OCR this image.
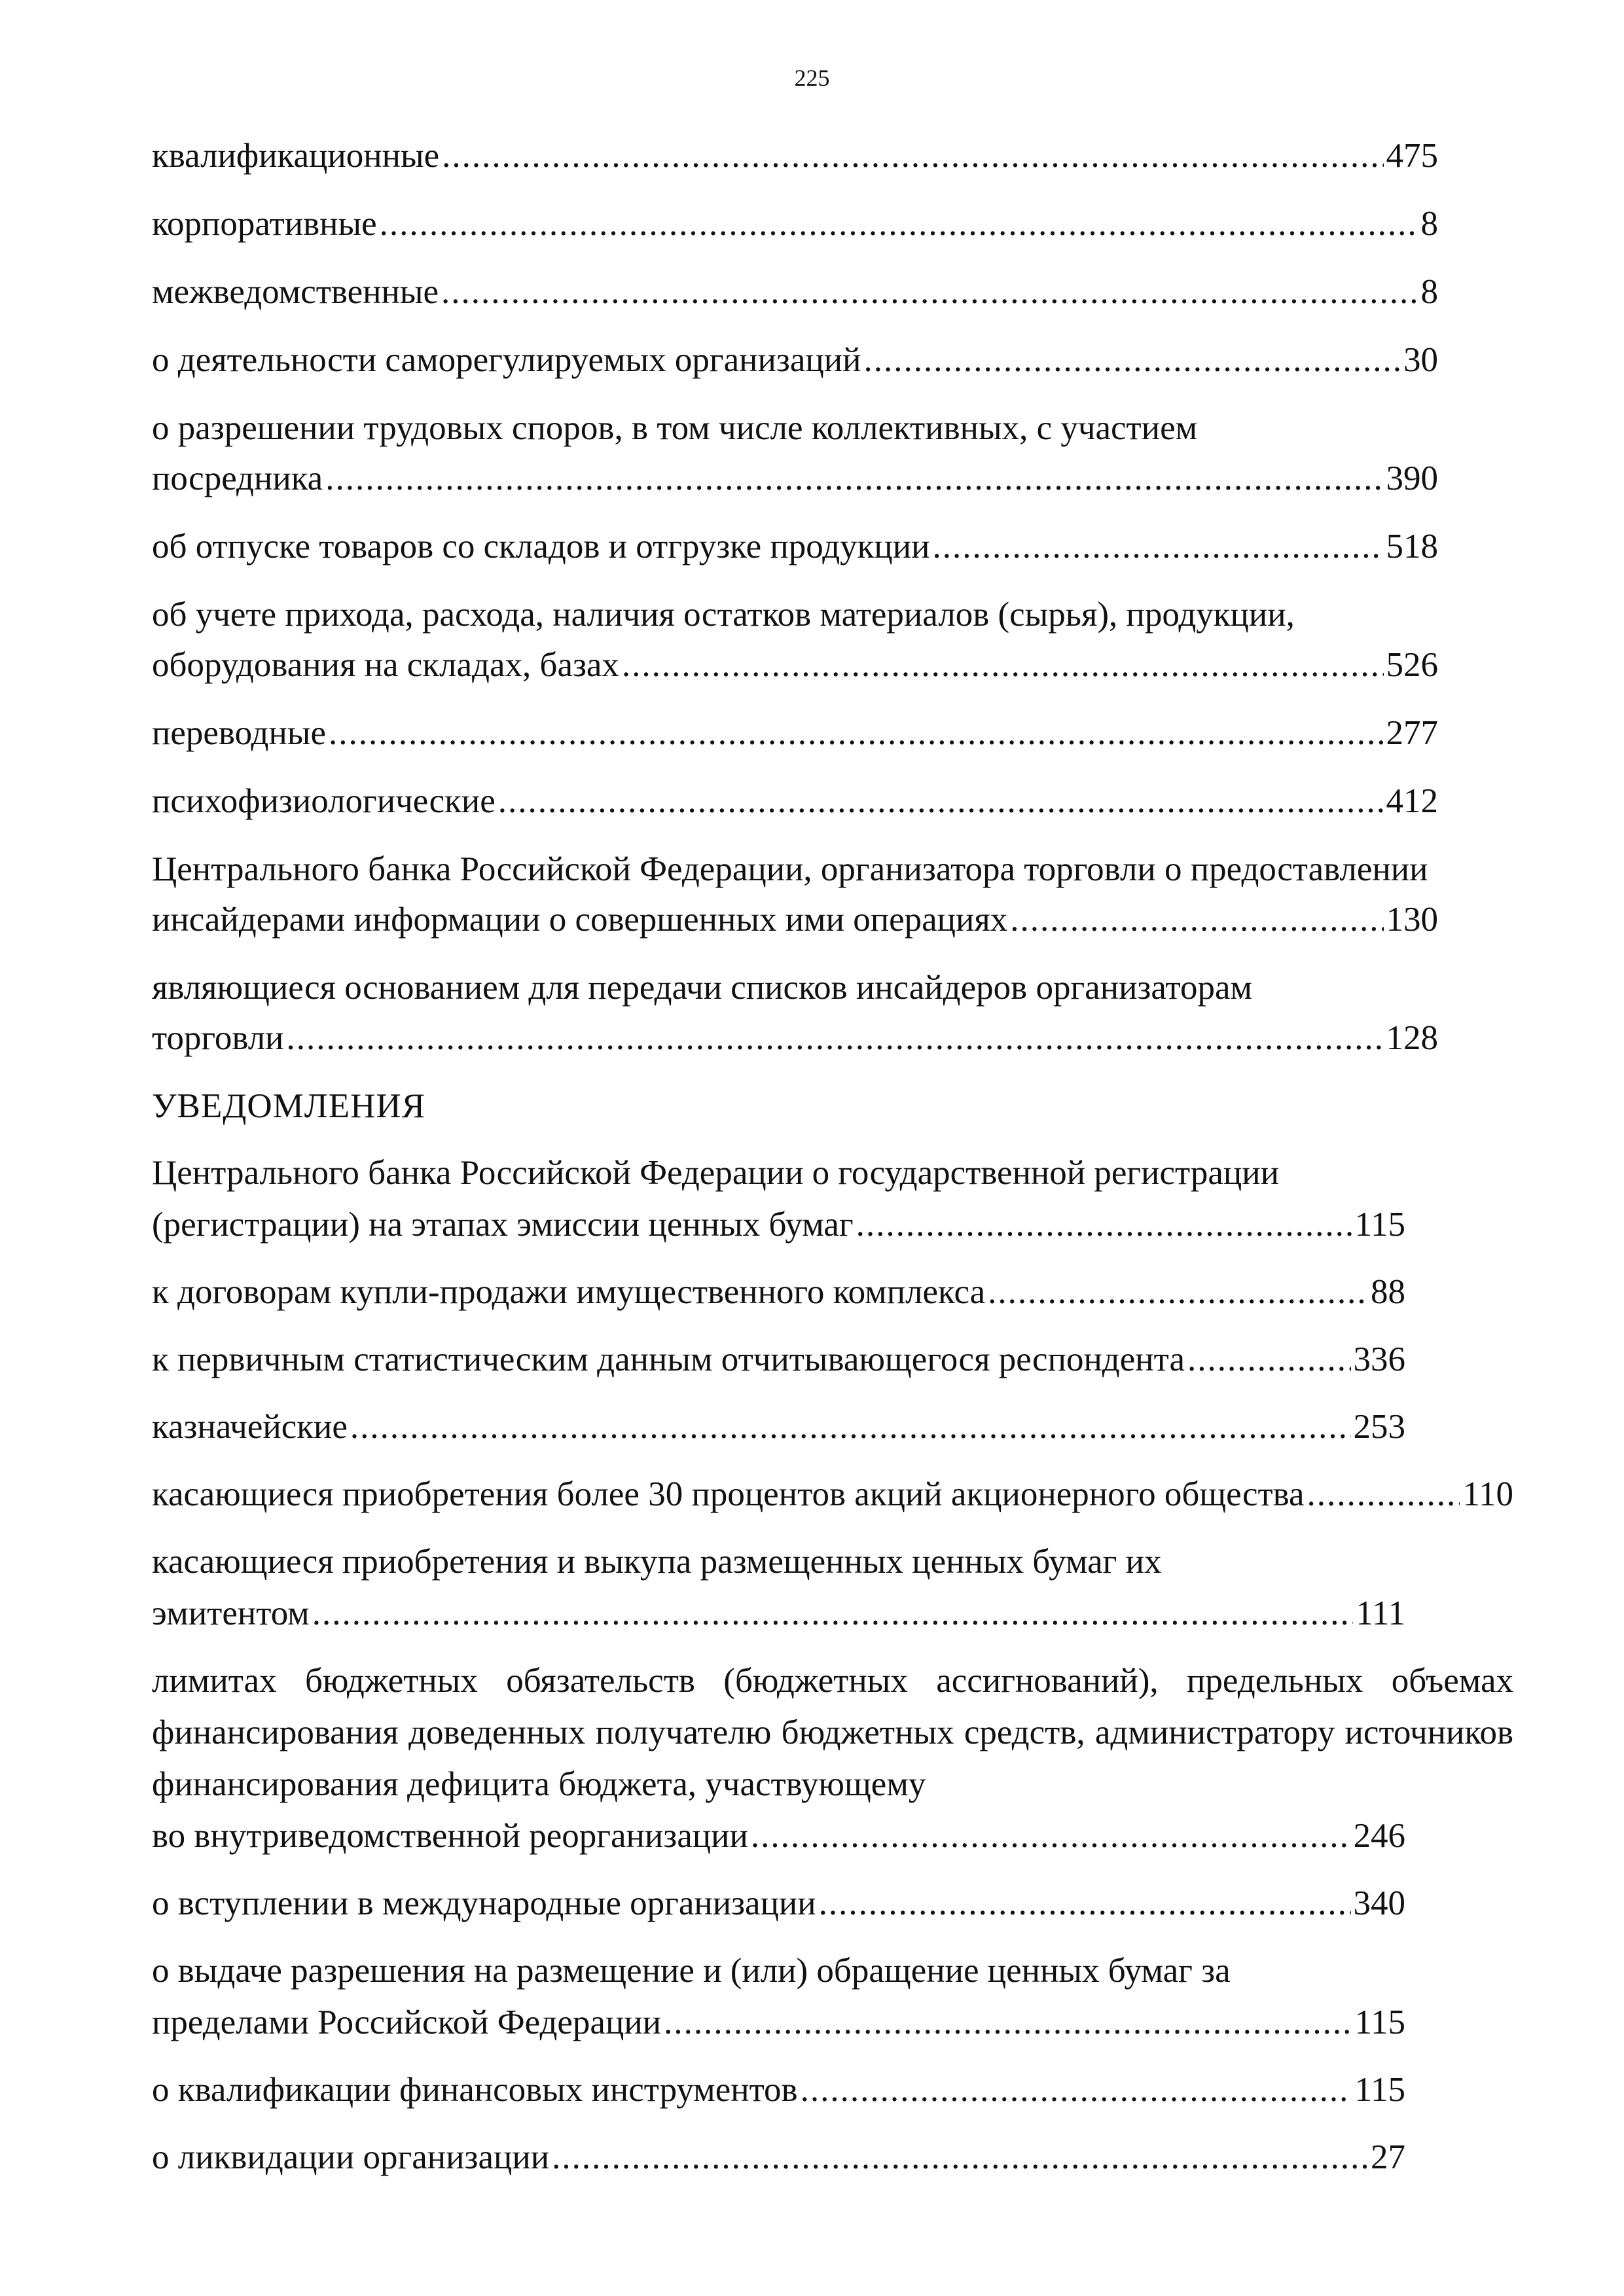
225
квалификационные .....	475
корпоративные .....	8
межведомственные .....	8
о деятельности саморегулируемых организаций .....	30
о разрешении трудовых споров, в том числе коллективных, с участием
посредника .....	390
об отпуске товаров со складов и отгрузке продукции .....	518
об учете прихода, расхода, наличия остатков материалов (сырья), продукции,
оборудования на складах, базах .....	526
переводные .....	277
психофизиологические .....	412
Центрального банка Российской Федерации, организатора торговли о предоставлении
инсайдерами информации о совершенных ими операциях .....	130
являющиеся основанием для передачи списков инсайдеров организаторам
торговли .....	128
УВЕДОМЛЕНИЯ
Центрального банка Российской Федерации о государственной регистрации
(регистрации) на этапах эмиссии ценных бумаг .....	115
к договорам купли-продажи имущественного комплекса .....	88
к первичным статистическим данным отчитывающегося респондента .....	336
казначейские .....	253
касающиеся приобретения более 30 процентов акций акционерного общества .....	110
касающиеся приобретения и выкупа размещенных ценных бумаг их
эмитентом .....	111
лимитах бюджетных обязательств (бюджетных ассигнований), предельных объемах финансирования доведенных получателю бюджетных средств, администратору источников финансирования дефицита бюджета, участвующему
во внутриведомственной реорганизации .....	246
о вступлении в международные организации .....	340
о выдаче разрешения на размещение и (или) обращение ценных бумаг за
пределами Российской Федерации .....	115
о квалификации финансовых инструментов .....	115
о ликвидации организации .....	27
